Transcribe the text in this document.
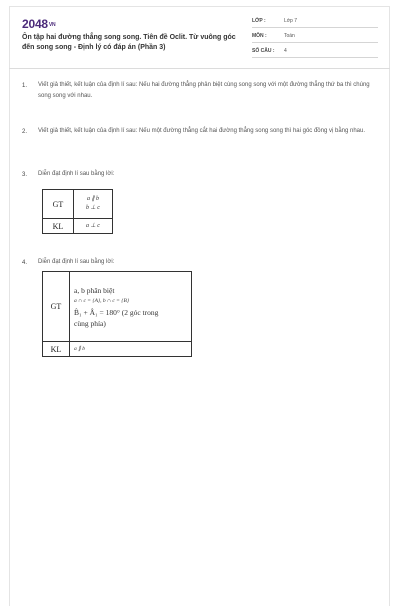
$2048^{VN}$
Ôn tập hai đường thẳng song song. Tiên đề Oclit. Từ vuông góc đến song song - Định lý có đáp án (Phần 3)
LỚP :	Lớp 7
MÔN :	Toán
SỐ CÂU : 4
1. Viết giả thiết, kết luận của định lí sau: Nếu hai đường thẳng phân biệt cùng song song với một đường thẳng thứ ba thì chúng song song với nhau.
2. Viết giả thiết, kết luận của định lí sau: Nếu một đường thẳng cắt hai đường thẳng song song thì hai góc đồng vị bằng nhau.
3. Diễn đạt định lí sau bằng lời:
GT	a ∥ b
b ⊥ c

KL	a ⊥ c
4. Diễn đạt định lí sau bằng lời:
GT	a, b phân biệt
a ∩ c = {A}, b ∩ c = {B}
B̂₁ + Â₁ = 180° (2 góc trong
cùng phía)

KL	a ∥ b
